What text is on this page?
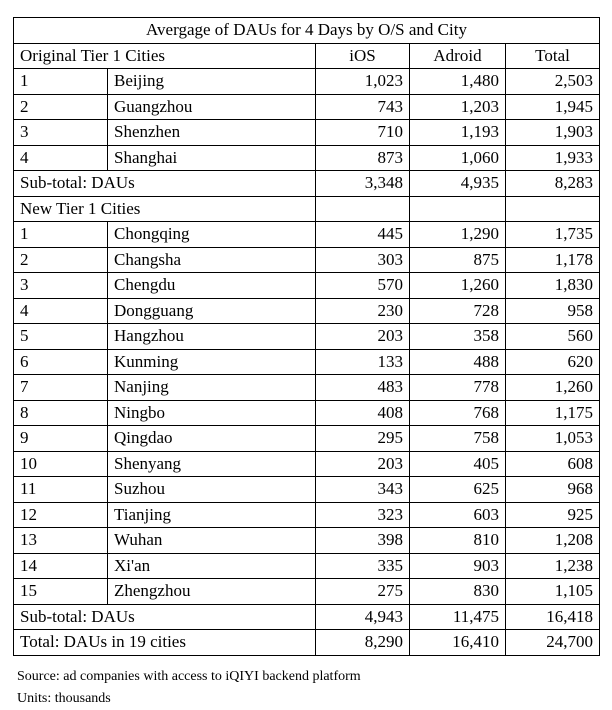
Avergage of DAUs for 4 Days by O/S and City				
Original Tier 1 Cities		iOS	Adroid	Total
1	Beijing	1,023	1,480	2,503
2	Guangzhou	743	1,203	1,945
3	Shenzhen	710	1,193	1,903
4	Shanghai	873	1,060	1,933
Sub-total: DAUs		3,348	4,935	8,283
New Tier 1 Cities				
1	Chongqing	445	1,290	1,735
2	Changsha	303	875	1,178
3	Chengdu	570	1,260	1,830
4	Dongguang	230	728	958
5	Hangzhou	203	358	560
6	Kunming	133	488	620
7	Nanjing	483	778	1,260
8	Ningbo	408	768	1,175
9	Qingdao	295	758	1,053
10	Shenyang	203	405	608
11	Suzhou	343	625	968
12	Tianjing	323	603	925
13	Wuhan	398	810	1,208
14	Xi'an	335	903	1,238
15	Zhengzhou	275	830	1,105
Sub-total: DAUs		4,943	11,475	16,418
Total: DAUs in 19 cities		8,290	16,410	24,700
Source: ad companies with access to iQIYI backend platform
Units: thousands
